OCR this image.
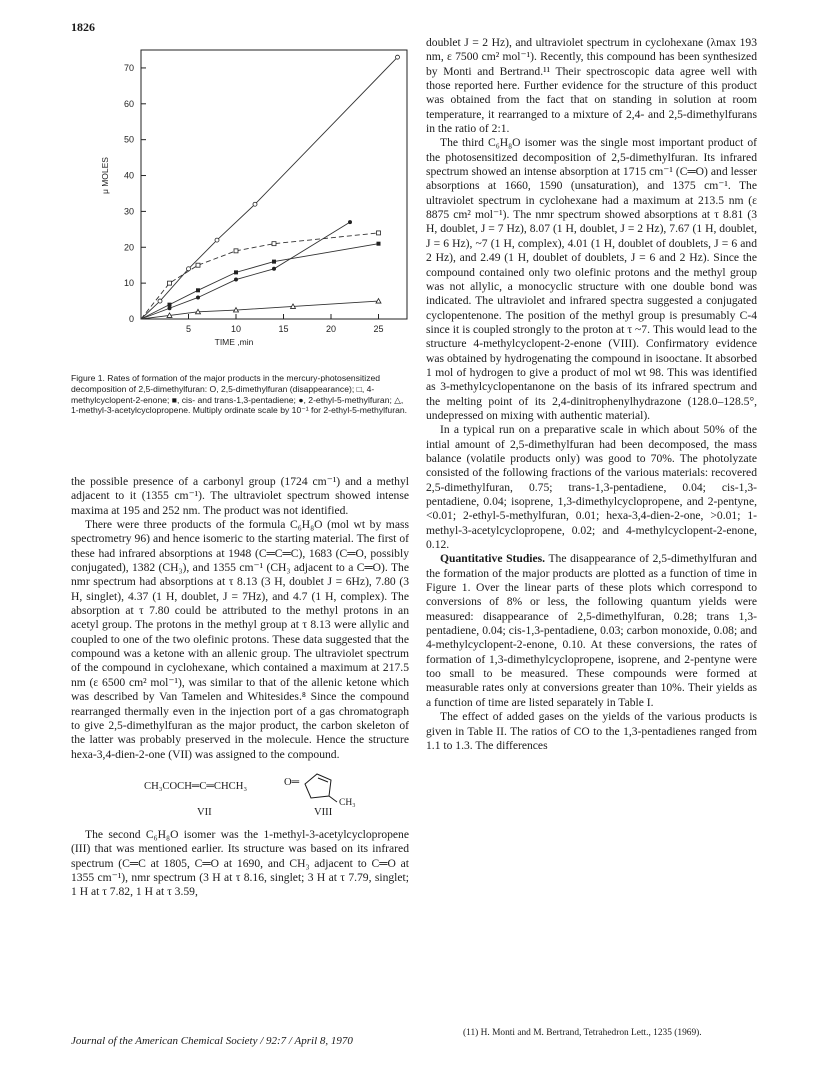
1826
0
10
20
30
40
50
60
70
5	10	15	20	25
TIME ,min
μ MOLES
Figure 1. Rates of formation of the major products in the mercury-photosensitized decomposition of 2,5-dimethylfuran: O, 2,5-dimethylfuran (disappearance); □, 4-methylcyclopent-2-enone; ■, cis- and trans-1,3-pentadiene; ●, 2-ethyl-5-methylfuran; △, 1-methyl-3-acetylcyclopropene. Multiply ordinate scale by 10⁻¹ for 2-ethyl-5-methylfuran.

the possible presence of a carbonyl group (1724 cm⁻¹) and a methyl adjacent to it (1355 cm⁻¹). The ultraviolet spectrum showed intense maxima at 195 and 252 nm. The product was not identified.

There were three products of the formula C₆H₈O (mol wt by mass spectrometry 96) and hence isomeric to the starting material. The first of these had infrared absorptions at 1948 (C═C═C), 1683 (C═O, possibly conjugated), 1382 (CH₃), and 1355 cm⁻¹ (CH₃ adjacent to a C═O). The nmr spectrum had absorptions at τ 8.13 (3 H, doublet J = 6Hz), 7.80 (3 H, singlet), 4.37 (1 H, doublet, J = 7Hz), and 4.7 (1 H, complex). The absorption at τ 7.80 could be attributed to the methyl protons in an acetyl group. The protons in the methyl group at τ 8.13 were allylic and coupled to one of the two olefinic protons. These data suggested that the compound was a ketone with an allenic group. The ultraviolet spectrum of the compound in cyclohexane, which contained a maximum at 217.5 nm (ε 6500 cm² mol⁻¹), was similar to that of the allenic ketone which was described by Van Tamelen and Whitesides.⁸ Since the compound rearranged thermally even in the injection port of a gas chromatograph to give 2,5-dimethylfuran as the major product, the carbon skeleton of the latter was probably preserved in the molecule. Hence the structure hexa-3,4-dien-2-one (VII) was assigned to the compound.

CH₃COCH═C═CHCH₃
VII
O═
CH₃
VIII

The second C₆H₈O isomer was the 1-methyl-3-acetylcyclopropene (III) that was mentioned earlier. Its structure was based on its infrared spectrum (C═C at 1805, C═O at 1690, and CH₃ adjacent to C═O at 1355 cm⁻¹), nmr spectrum (3 H at τ 8.16, singlet; 3 H at τ 7.79, singlet; 1 H at τ 7.82, 1 H at τ 3.59,

doublet J = 2 Hz), and ultraviolet spectrum in cyclohexane (λmax 193 nm, ε 7500 cm² mol⁻¹). Recently, this compound has been synthesized by Monti and Bertrand.¹¹ Their spectroscopic data agree well with those reported here. Further evidence for the structure of this product was obtained from the fact that on standing in solution at room temperature, it rearranged to a mixture of 2,4- and 2,5-dimethylfurans in the ratio of 2:1.

The third C₆H₈O isomer was the single most important product of the photosensitized decomposition of 2,5-dimethylfuran. Its infrared spectrum showed an intense absorption at 1715 cm⁻¹ (C═O) and lesser absorptions at 1660, 1590 (unsaturation), and 1375 cm⁻¹. The ultraviolet spectrum in cyclohexane had a maximum at 213.5 nm (ε 8875 cm² mol⁻¹). The nmr spectrum showed absorptions at τ 8.81 (3 H, doublet, J = 7 Hz), 8.07 (1 H, doublet, J = 2 Hz), 7.67 (1 H, doublet, J = 6 Hz), ~7 (1 H, complex), 4.01 (1 H, doublet of doublets, J = 6 and 2 Hz), and 2.49 (1 H, doublet of doublets, J = 6 and 2 Hz). Since the compound contained only two olefinic protons and the methyl group was not allylic, a monocyclic structure with one double bond was indicated. The ultraviolet and infrared spectra suggested a conjugated cyclopentenone. The position of the methyl group is presumably C-4 since it is coupled strongly to the proton at τ ~7. This would lead to the structure 4-methylcyclopent-2-enone (VIII). Confirmatory evidence was obtained by hydrogenating the compound in isooctane. It absorbed 1 mol of hydrogen to give a product of mol wt 98. This was identified as 3-methylcyclopentanone on the basis of its infrared spectrum and the melting point of its 2,4-dinitrophenylhydrazone (128.0–128.5°, undepressed on mixing with authentic material).

In a typical run on a preparative scale in which about 50% of the intial amount of 2,5-dimethylfuran had been decomposed, the mass balance (volatile products only) was good to 70%. The photolyzate consisted of the following fractions of the various materials: recovered 2,5-dimethylfuran, 0.75; trans-1,3-pentadiene, 0.04; cis-1,3-pentadiene, 0.04; isoprene, 1,3-dimethylcyclopropene, and 2-pentyne, <0.01; 2-ethyl-5-methylfuran, 0.01; hexa-3,4-dien-2-one, >0.01; 1-methyl-3-acetylcyclopropene, 0.02; and 4-methylcyclopent-2-enone, 0.12.

Quantitative Studies. The disappearance of 2,5-dimethylfuran and the formation of the major products are plotted as a function of time in Figure 1. Over the linear parts of these plots which correspond to conversions of 8% or less, the following quantum yields were measured: disappearance of 2,5-dimethylfuran, 0.28; trans 1,3-pentadiene, 0.04; cis-1,3-pentadiene, 0.03; carbon monoxide, 0.08; and 4-methylcyclopent-2-enone, 0.10. At these conversions, the rates of formation of 1,3-dimethylcyclopropene, isoprene, and 2-pentyne were too small to be measured. These compounds were formed at measurable rates only at conversions greater than 10%. Their yields as a function of time are listed separately in Table I.

The effect of added gases on the yields of the various products is given in Table II. The ratios of CO to the 1,3-pentadienes ranged from 1.1 to 1.3. The differences

(11) H. Monti and M. Bertrand, Tetrahedron Lett., 1235 (1969).
Journal of the American Chemical Society / 92:7 / April 8, 1970
